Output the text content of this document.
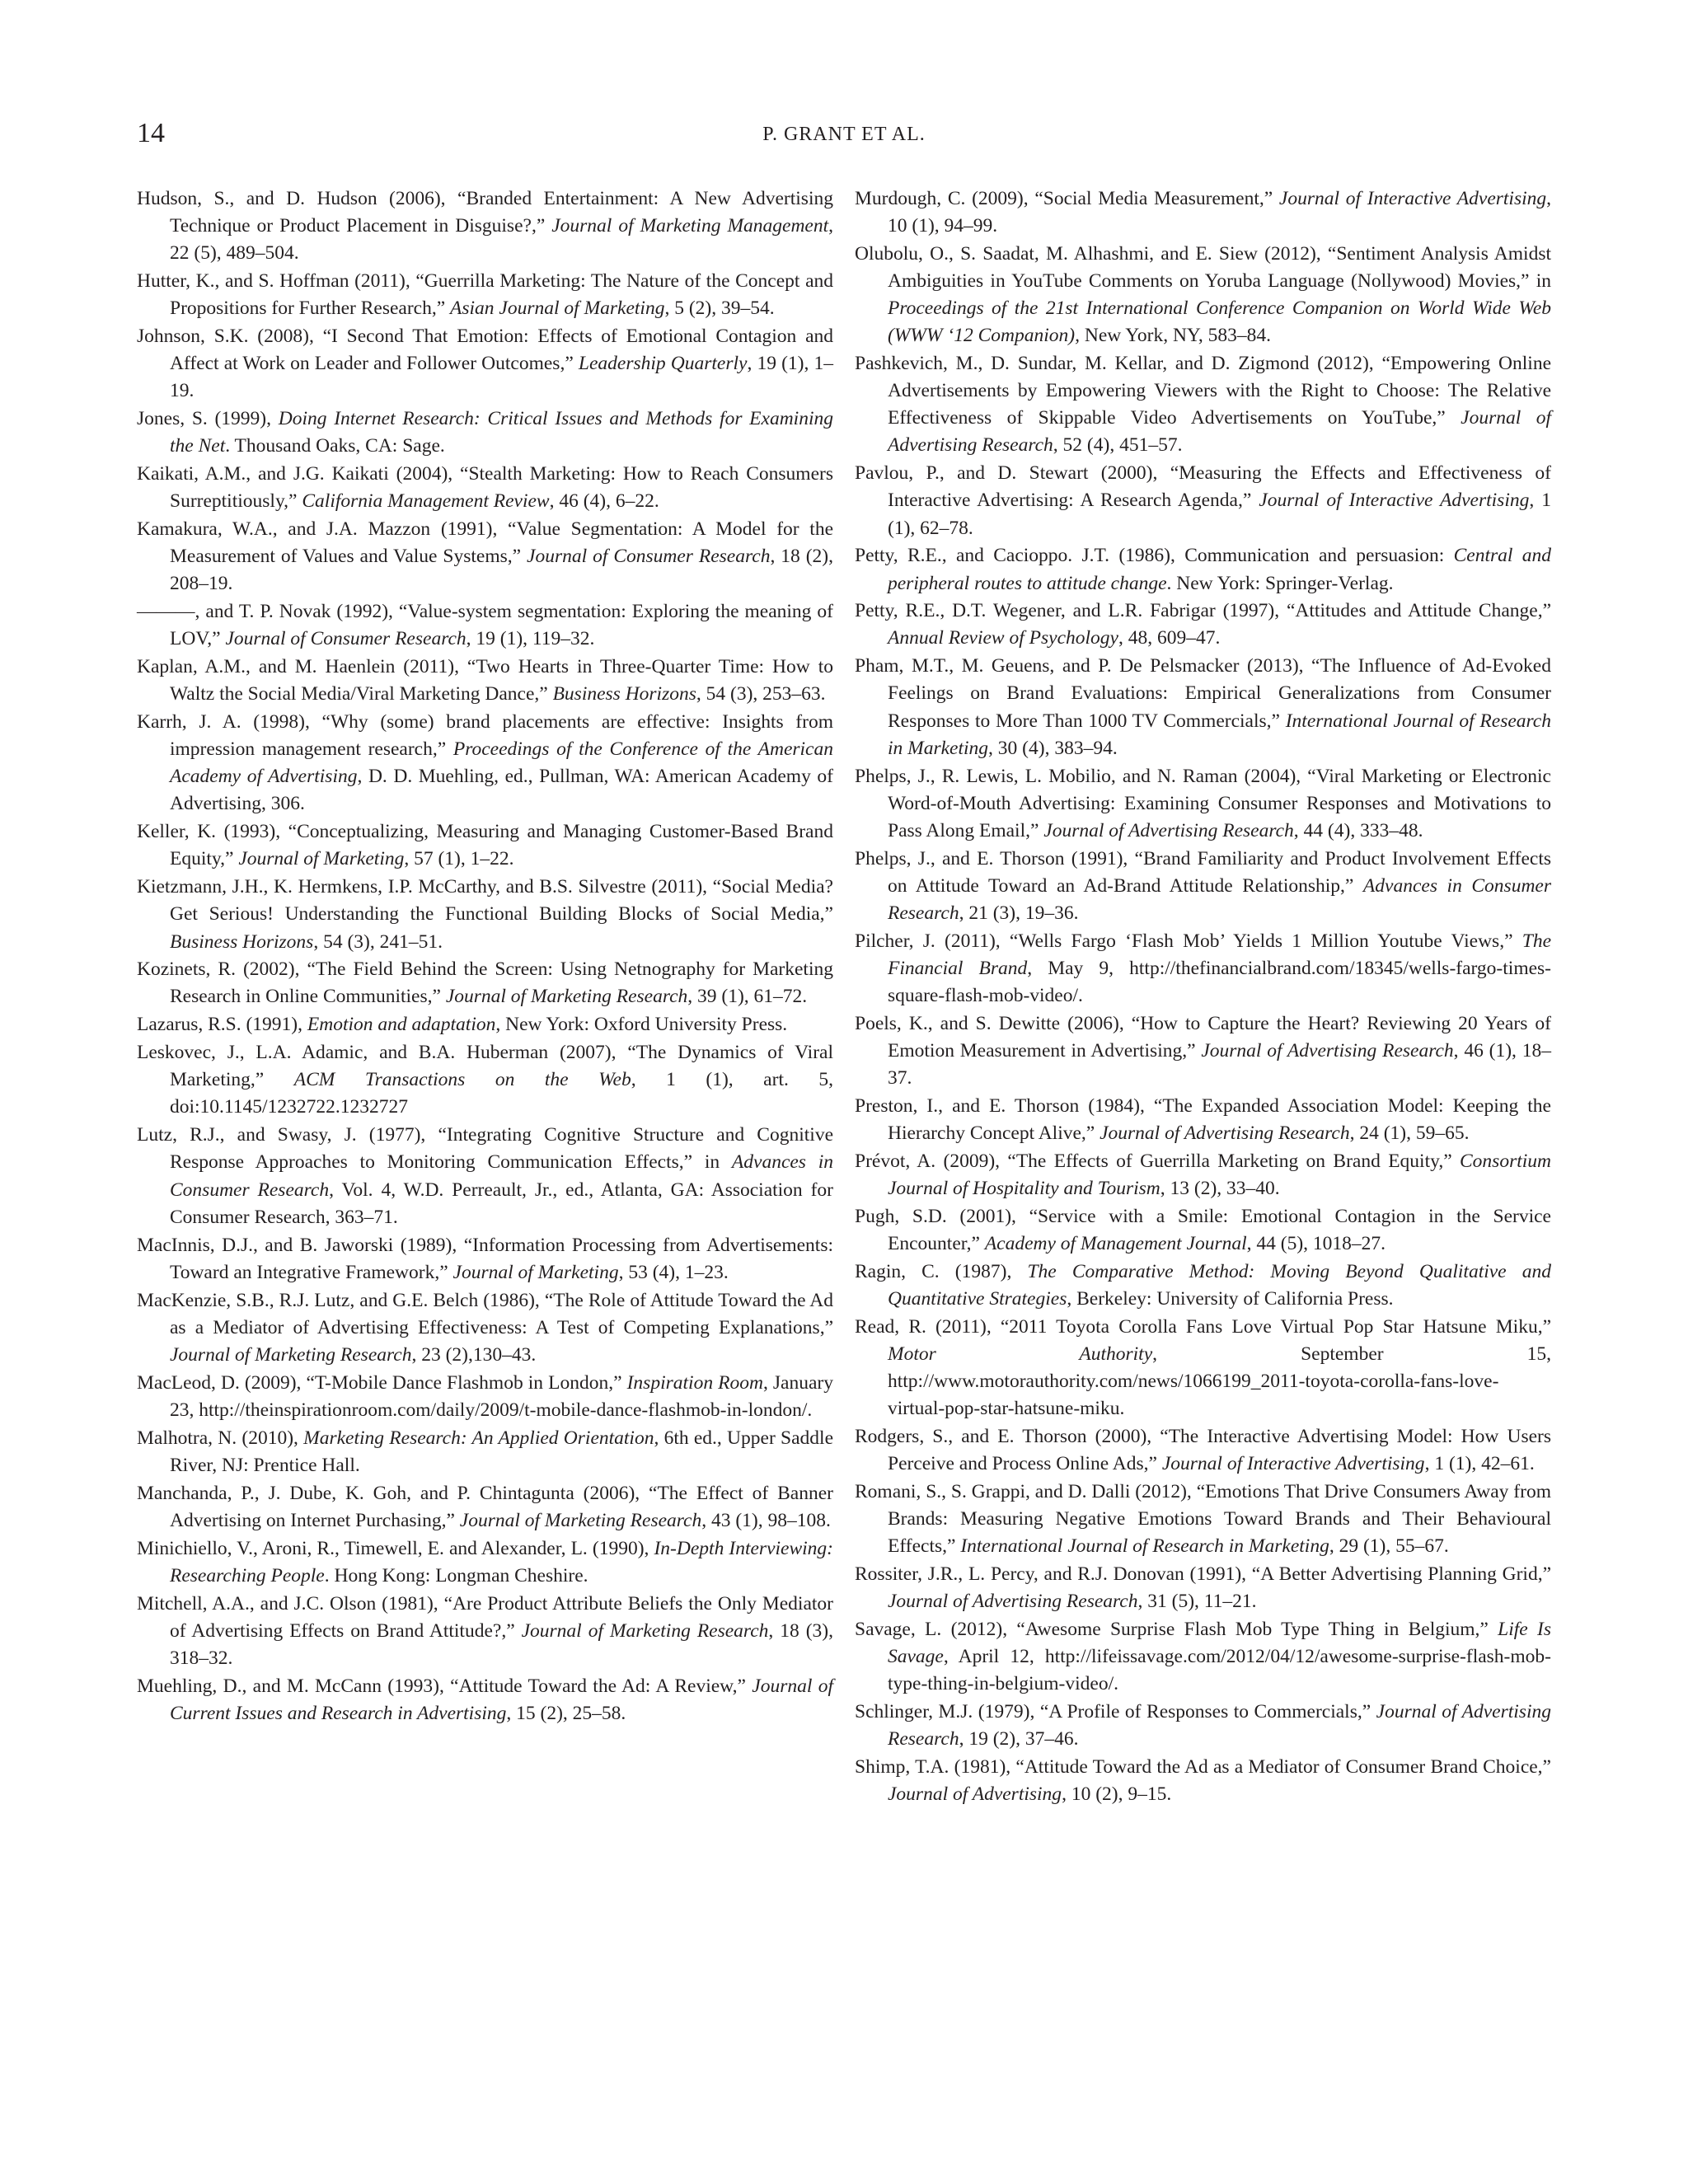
14	P. GRANT ET AL.

Hudson, S., and D. Hudson (2006), “Branded Entertainment: A New Advertising Technique or Product Placement in Disguise?,” Journal of Marketing Management, 22 (5), 489–504.

Hutter, K., and S. Hoffman (2011), “Guerrilla Marketing: The Nature of the Concept and Propositions for Further Research,” Asian Journal of Marketing, 5 (2), 39–54.

Johnson, S.K. (2008), “I Second That Emotion: Effects of Emotional Contagion and Affect at Work on Leader and Follower Outcomes,” Leadership Quarterly, 19 (1), 1–19.

Jones, S. (1999), Doing Internet Research: Critical Issues and Methods for Examining the Net. Thousand Oaks, CA: Sage.

Kaikati, A.M., and J.G. Kaikati (2004), “Stealth Marketing: How to Reach Consumers Surreptitiously,” California Management Review, 46 (4), 6–22.

Kamakura, W.A., and J.A. Mazzon (1991), “Value Segmentation: A Model for the Measurement of Values and Value Systems,” Journal of Consumer Research, 18 (2), 208–19.

———, and T. P. Novak (1992), “Value-system segmentation: Exploring the meaning of LOV,” Journal of Consumer Research, 19 (1), 119–32.

Kaplan, A.M., and M. Haenlein (2011), “Two Hearts in Three-Quarter Time: How to Waltz the Social Media/Viral Marketing Dance,” Business Horizons, 54 (3), 253–63.

Karrh, J. A. (1998), “Why (some) brand placements are effective: Insights from impression management research,” Proceedings of the Conference of the American Academy of Advertising, D. D. Muehling, ed., Pullman, WA: American Academy of Advertising, 306.

Keller, K. (1993), “Conceptualizing, Measuring and Managing Customer-Based Brand Equity,” Journal of Marketing, 57 (1), 1–22.

Kietzmann, J.H., K. Hermkens, I.P. McCarthy, and B.S. Silvestre (2011), “Social Media? Get Serious! Understanding the Functional Building Blocks of Social Media,” Business Horizons, 54 (3), 241–51.

Kozinets, R. (2002), “The Field Behind the Screen: Using Netnography for Marketing Research in Online Communities,” Journal of Marketing Research, 39 (1), 61–72.

Lazarus, R.S. (1991), Emotion and adaptation, New York: Oxford University Press.

Leskovec, J., L.A. Adamic, and B.A. Huberman (2007), “The Dynamics of Viral Marketing,” ACM Transactions on the Web, 1 (1), art. 5, doi:10.1145/1232722.1232727

Lutz, R.J., and Swasy, J. (1977), “Integrating Cognitive Structure and Cognitive Response Approaches to Monitoring Communication Effects,” in Advances in Consumer Research, Vol. 4, W.D. Perreault, Jr., ed., Atlanta, GA: Association for Consumer Research, 363–71.

MacInnis, D.J., and B. Jaworski (1989), “Information Processing from Advertisements: Toward an Integrative Framework,” Journal of Marketing, 53 (4), 1–23.

MacKenzie, S.B., R.J. Lutz, and G.E. Belch (1986), “The Role of Attitude Toward the Ad as a Mediator of Advertising Effectiveness: A Test of Competing Explanations,” Journal of Marketing Research, 23 (2),130–43.

MacLeod, D. (2009), “T-Mobile Dance Flashmob in London,” Inspiration Room, January 23, http://theinspirationroom.com/daily/2009/t-mobile-dance-flashmob-in-london/.

Malhotra, N. (2010), Marketing Research: An Applied Orientation, 6th ed., Upper Saddle River, NJ: Prentice Hall.

Manchanda, P., J. Dube, K. Goh, and P. Chintagunta (2006), “The Effect of Banner Advertising on Internet Purchasing,” Journal of Marketing Research, 43 (1), 98–108.

Minichiello, V., Aroni, R., Timewell, E. and Alexander, L. (1990), In-Depth Interviewing: Researching People. Hong Kong: Longman Cheshire.

Mitchell, A.A., and J.C. Olson (1981), “Are Product Attribute Beliefs the Only Mediator of Advertising Effects on Brand Attitude?,” Journal of Marketing Research, 18 (3), 318–32.

Muehling, D., and M. McCann (1993), “Attitude Toward the Ad: A Review,” Journal of Current Issues and Research in Advertising, 15 (2), 25–58.

Murdough, C. (2009), “Social Media Measurement,” Journal of Interactive Advertising, 10 (1), 94–99.

Olubolu, O., S. Saadat, M. Alhashmi, and E. Siew (2012), “Sentiment Analysis Amidst Ambiguities in YouTube Comments on Yoruba Language (Nollywood) Movies,” in Proceedings of the 21st International Conference Companion on World Wide Web (WWW ‘12 Companion), New York, NY, 583–84.

Pashkevich, M., D. Sundar, M. Kellar, and D. Zigmond (2012), “Empowering Online Advertisements by Empowering Viewers with the Right to Choose: The Relative Effectiveness of Skippable Video Advertisements on YouTube,” Journal of Advertising Research, 52 (4), 451–57.

Pavlou, P., and D. Stewart (2000), “Measuring the Effects and Effectiveness of Interactive Advertising: A Research Agenda,” Journal of Interactive Advertising, 1 (1), 62–78.

Petty, R.E., and Cacioppo. J.T. (1986), Communication and persuasion: Central and peripheral routes to attitude change. New York: Springer-Verlag.

Petty, R.E., D.T. Wegener, and L.R. Fabrigar (1997), “Attitudes and Attitude Change,” Annual Review of Psychology, 48, 609–47.

Pham, M.T., M. Geuens, and P. De Pelsmacker (2013), “The Influence of Ad-Evoked Feelings on Brand Evaluations: Empirical Generalizations from Consumer Responses to More Than 1000 TV Commercials,” International Journal of Research in Marketing, 30 (4), 383–94.

Phelps, J., R. Lewis, L. Mobilio, and N. Raman (2004), “Viral Marketing or Electronic Word-of-Mouth Advertising: Examining Consumer Responses and Motivations to Pass Along Email,” Journal of Advertising Research, 44 (4), 333–48.

Phelps, J., and E. Thorson (1991), “Brand Familiarity and Product Involvement Effects on Attitude Toward an Ad-Brand Attitude Relationship,” Advances in Consumer Research, 21 (3), 19–36.

Pilcher, J. (2011), “Wells Fargo ‘Flash Mob’ Yields 1 Million Youtube Views,” The Financial Brand, May 9, http://thefinancialbrand.com/18345/wells-fargo-times-square-flash-mob-video/.

Poels, K., and S. Dewitte (2006), “How to Capture the Heart? Reviewing 20 Years of Emotion Measurement in Advertising,” Journal of Advertising Research, 46 (1), 18–37.

Preston, I., and E. Thorson (1984), “The Expanded Association Model: Keeping the Hierarchy Concept Alive,” Journal of Advertising Research, 24 (1), 59–65.

Prévot, A. (2009), “The Effects of Guerrilla Marketing on Brand Equity,” Consortium Journal of Hospitality and Tourism, 13 (2), 33–40.

Pugh, S.D. (2001), “Service with a Smile: Emotional Contagion in the Service Encounter,” Academy of Management Journal, 44 (5), 1018–27.

Ragin, C. (1987), The Comparative Method: Moving Beyond Qualitative and Quantitative Strategies, Berkeley: University of California Press.

Read, R. (2011), “2011 Toyota Corolla Fans Love Virtual Pop Star Hatsune Miku,” Motor Authority, September 15, http://www.motorauthority.com/news/1066199_2011-toyota-corolla-fans-love-virtual-pop-star-hatsune-miku.

Rodgers, S., and E. Thorson (2000), “The Interactive Advertising Model: How Users Perceive and Process Online Ads,” Journal of Interactive Advertising, 1 (1), 42–61.

Romani, S., S. Grappi, and D. Dalli (2012), “Emotions That Drive Consumers Away from Brands: Measuring Negative Emotions Toward Brands and Their Behavioural Effects,” International Journal of Research in Marketing, 29 (1), 55–67.

Rossiter, J.R., L. Percy, and R.J. Donovan (1991), “A Better Advertising Planning Grid,” Journal of Advertising Research, 31 (5), 11–21.

Savage, L. (2012), “Awesome Surprise Flash Mob Type Thing in Belgium,” Life Is Savage, April 12, http://lifeissavage.com/2012/04/12/awesome-surprise-flash-mob-type-thing-in-belgium-video/.

Schlinger, M.J. (1979), “A Profile of Responses to Commercials,” Journal of Advertising Research, 19 (2), 37–46.

Shimp, T.A. (1981), “Attitude Toward the Ad as a Mediator of Consumer Brand Choice,” Journal of Advertising, 10 (2), 9–15.
